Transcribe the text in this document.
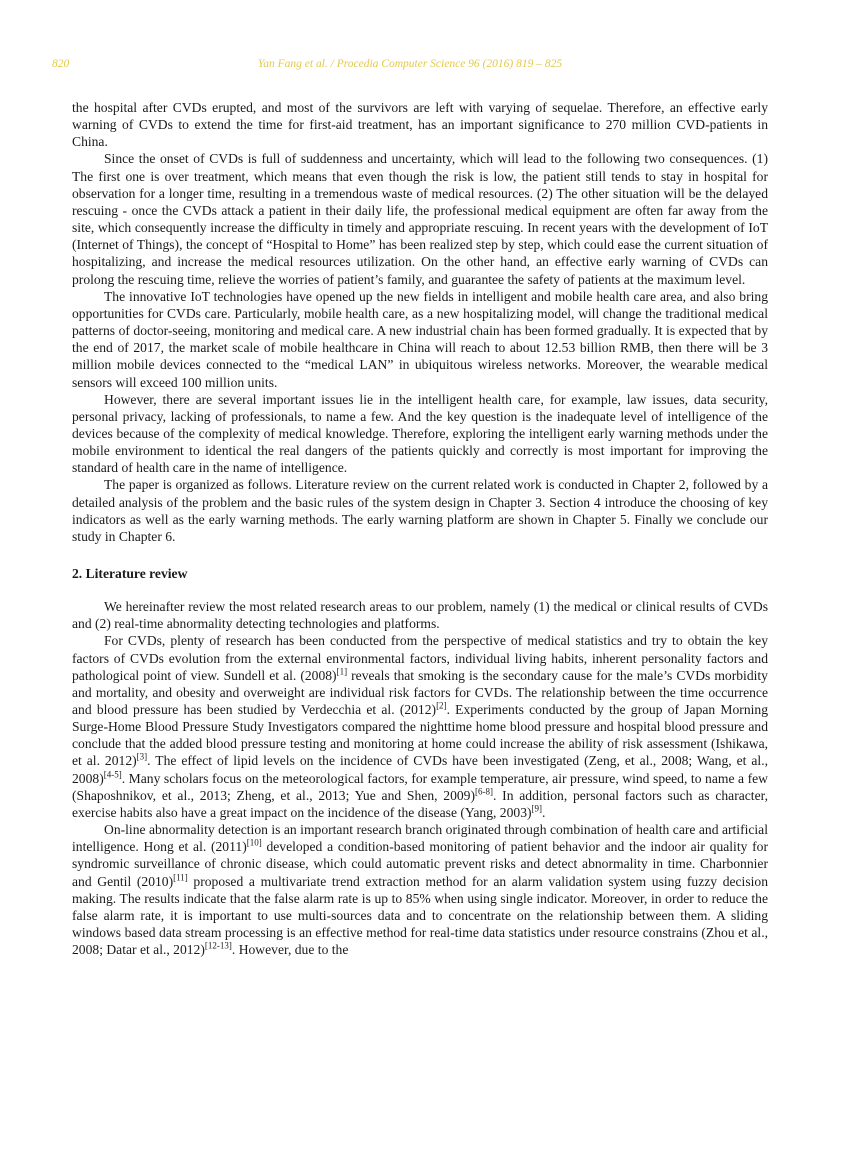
820	Yan Fang et al. / Procedia Computer Science 96 (2016) 819 – 825

the hospital after CVDs erupted, and most of the survivors are left with varying of sequelae. Therefore, an effective early warning of CVDs to extend the time for first-aid treatment, has an important significance to 270 million CVD-patients in China.

Since the onset of CVDs is full of suddenness and uncertainty, which will lead to the following two consequences. (1) The first one is over treatment, which means that even though the risk is low, the patient still tends to stay in hospital for observation for a longer time, resulting in a tremendous waste of medical resources. (2) The other situation will be the delayed rescuing - once the CVDs attack a patient in their daily life, the professional medical equipment are often far away from the site, which consequently increase the difficulty in timely and appropriate rescuing. In recent years with the development of IoT (Internet of Things), the concept of “Hospital to Home” has been realized step by step, which could ease the current situation of hospitalizing, and increase the medical resources utilization. On the other hand, an effective early warning of CVDs can prolong the rescuing time, relieve the worries of patient’s family, and guarantee the safety of patients at the maximum level.

The innovative IoT technologies have opened up the new fields in intelligent and mobile health care area, and also bring opportunities for CVDs care. Particularly, mobile health care, as a new hospitalizing model, will change the traditional medical patterns of doctor-seeing, monitoring and medical care. A new industrial chain has been formed gradually. It is expected that by the end of 2017, the market scale of mobile healthcare in China will reach to about 12.53 billion RMB, then there will be 3 million mobile devices connected to the “medical LAN” in ubiquitous wireless networks. Moreover, the wearable medical sensors will exceed 100 million units.

However, there are several important issues lie in the intelligent health care, for example, law issues, data security, personal privacy, lacking of professionals, to name a few. And the key question is the inadequate level of intelligence of the devices because of the complexity of medical knowledge. Therefore, exploring the intelligent early warning methods under the mobile environment to identical the real dangers of the patients quickly and correctly is most important for improving the standard of health care in the name of intelligence.

The paper is organized as follows. Literature review on the current related work is conducted in Chapter 2, followed by a detailed analysis of the problem and the basic rules of the system design in Chapter 3. Section 4 introduce the choosing of key indicators as well as the early warning methods. The early warning platform are shown in Chapter 5. Finally we conclude our study in Chapter 6.

2. Literature review

We hereinafter review the most related research areas to our problem, namely (1) the medical or clinical results of CVDs and (2) real-time abnormality detecting technologies and platforms.

For CVDs, plenty of research has been conducted from the perspective of medical statistics and try to obtain the key factors of CVDs evolution from the external environmental factors, individual living habits, inherent personality factors and pathological point of view. Sundell et al. (2008)[1] reveals that smoking is the secondary cause for the male’s CVDs morbidity and mortality, and obesity and overweight are individual risk factors for CVDs. The relationship between the time occurrence and blood pressure has been studied by Verdecchia et al. (2012)[2]. Experiments conducted by the group of Japan Morning Surge-Home Blood Pressure Study Investigators compared the nighttime home blood pressure and hospital blood pressure and conclude that the added blood pressure testing and monitoring at home could increase the ability of risk assessment (Ishikawa, et al. 2012)[3]. The effect of lipid levels on the incidence of CVDs have been investigated (Zeng, et al., 2008; Wang, et al., 2008)[4-5]. Many scholars focus on the meteorological factors, for example temperature, air pressure, wind speed, to name a few (Shaposhnikov, et al., 2013; Zheng, et al., 2013; Yue and Shen, 2009)[6-8]. In addition, personal factors such as character, exercise habits also have a great impact on the incidence of the disease (Yang, 2003)[9].

On-line abnormality detection is an important research branch originated through combination of health care and artificial intelligence. Hong et al. (2011)[10] developed a condition-based monitoring of patient behavior and the indoor air quality for syndromic surveillance of chronic disease, which could automatic prevent risks and detect abnormality in time. Charbonnier and Gentil (2010)[11] proposed a multivariate trend extraction method for an alarm validation system using fuzzy decision making. The results indicate that the false alarm rate is up to 85% when using single indicator. Moreover, in order to reduce the false alarm rate, it is important to use multi-sources data and to concentrate on the relationship between them. A sliding windows based data stream processing is an effective method for real-time data statistics under resource constrains (Zhou et al., 2008; Datar et al., 2012)[12-13]. However, due to the
